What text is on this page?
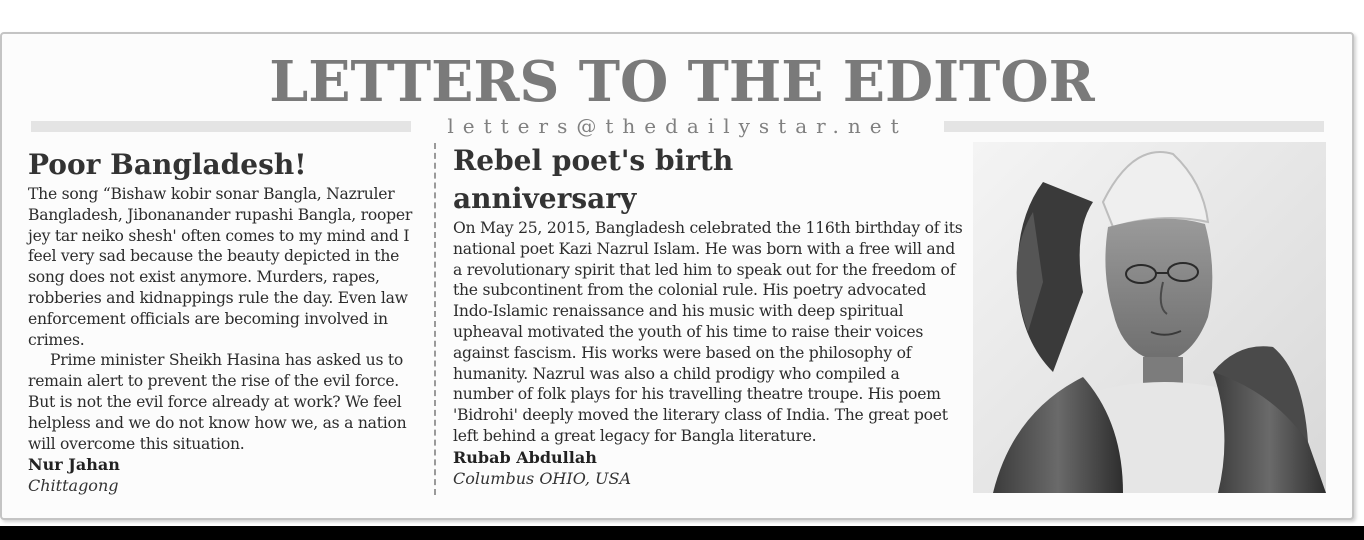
LETTERS TO THE EDITOR
letters@thedailystar.net
Poor Bangladesh!

The song “Bishaw kobir sonar Bangla, Nazruler Bangladesh, Jibonanander rupashi Bangla, rooper jey tar neiko shesh' often comes to my mind and I feel very sad because the beauty depicted in the song does not exist anymore. Murders, rapes, robberies and kidnappings rule the day. Even law enforcement officials are becoming involved in crimes.

Prime minister Sheikh Hasina has asked us to remain alert to prevent the rise of the evil force. But is not the evil force already at work? We feel helpless and we do not know how we, as a nation will overcome this situation.

Nur Jahan

Chittagong

Rebel poet's birth anniversary

On May 25, 2015, Bangladesh celebrated the 116th birthday of its national poet Kazi Nazrul Islam. He was born with a free will and a revolutionary spirit that led him to speak out for the freedom of the subcontinent from the colonial rule. His poetry advocated Indo-Islamic renaissance and his music with deep spiritual upheaval motivated the youth of his time to raise their voices against fascism. His works were based on the philosophy of humanity. Nazrul was also a child prodigy who compiled a number of folk plays for his travelling theatre troupe. His poem 'Bidrohi' deeply moved the literary class of India. The great poet left behind a great legacy for Bangla literature.

Rubab Abdullah

Columbus OHIO, USA
